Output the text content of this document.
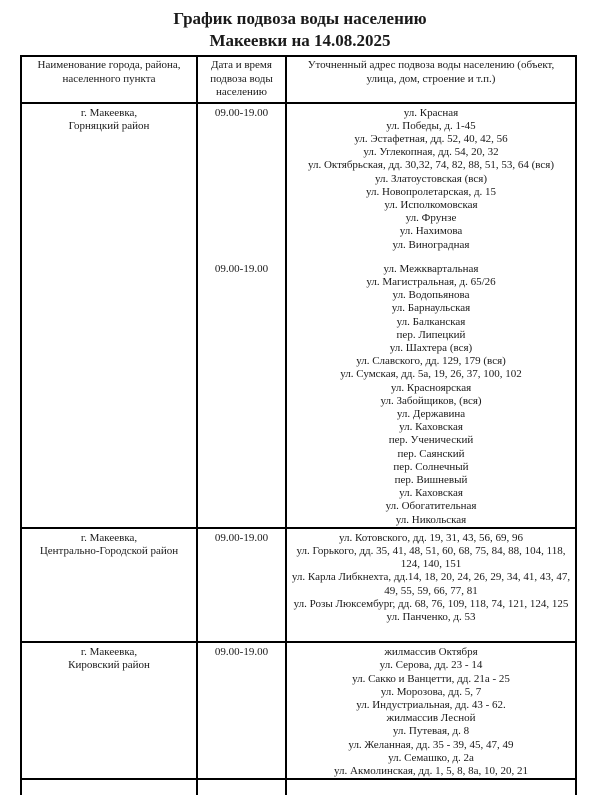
График подвоза воды населению

Макеевки на 14.08.2025

Наименование города, района, населенного пункта	Дата и время подвоза воды населению	Уточненный адрес подвоза воды населению (объект, улица, дом, строение и т.п.)

г. Макеевка,
Горняцкий район

09.00-19.00	ул. Красная
ул. Победы, д. 1-45
ул. Эстафетная, дд. 52, 40, 42, 56
ул. Углекопная, дд. 54, 20, 32
ул. Октябрьская, дд. 30,32, 74, 82, 88, 51, 53, 64 (вся)
ул. Златоустовская (вся)
ул. Новопролетарская, д. 15
ул. Исполкомовская
ул. Фрунзе
ул. Нахимова
ул. Виноградная

09.00-19.00	ул. Межквартальная
ул. Магистральная, д. 65/26
ул. Водопьянова
ул. Барнаульская
ул. Балканская
пер. Липецкий
ул. Шахтера (вся)
ул. Славского, дд. 129, 179 (вся)
ул. Сумская, дд. 5а, 19, 26, 37, 100, 102
ул. Красноярская
ул. Забойщиков, (вся)
ул. Державина
ул. Каховская
пер. Ученический
пер. Саянский
пер. Солнечный
пер. Вишневый
ул. Каховская
ул. Обогатительная
ул. Никольская

г. Макеевка,
Центрально-Городской район

09.00-19.00	ул. Котовского, дд. 19, 31, 43, 56, 69, 96
ул. Горького, дд. 35, 41, 48, 51, 60, 68, 75, 84, 88, 104, 118, 124, 140, 151
ул. Карла Либкнехта, дд.14, 18, 20, 24, 26, 29, 34, 41, 43, 47, 49, 55, 59, 66, 77, 81
ул. Розы Люксембург, дд. 68, 76, 109, 118, 74, 121, 124, 125
ул. Панченко, д. 53

г. Макеевка,
Кировский район

09.00-19.00	жилмассив Октября
ул. Серова, дд. 23 - 14
ул. Сакко и Ванцетти, дд. 21а - 25
ул. Морозова, дд. 5, 7
ул. Индустриальная, дд. 43 - 62.
жилмассив Лесной
ул. Путевая, д. 8
ул. Желанная, дд. 35 - 39, 45, 47, 49
ул. Семашко, д. 2а
ул. Акмолинская, дд. 1, 5, 8, 8а, 10, 20, 21
